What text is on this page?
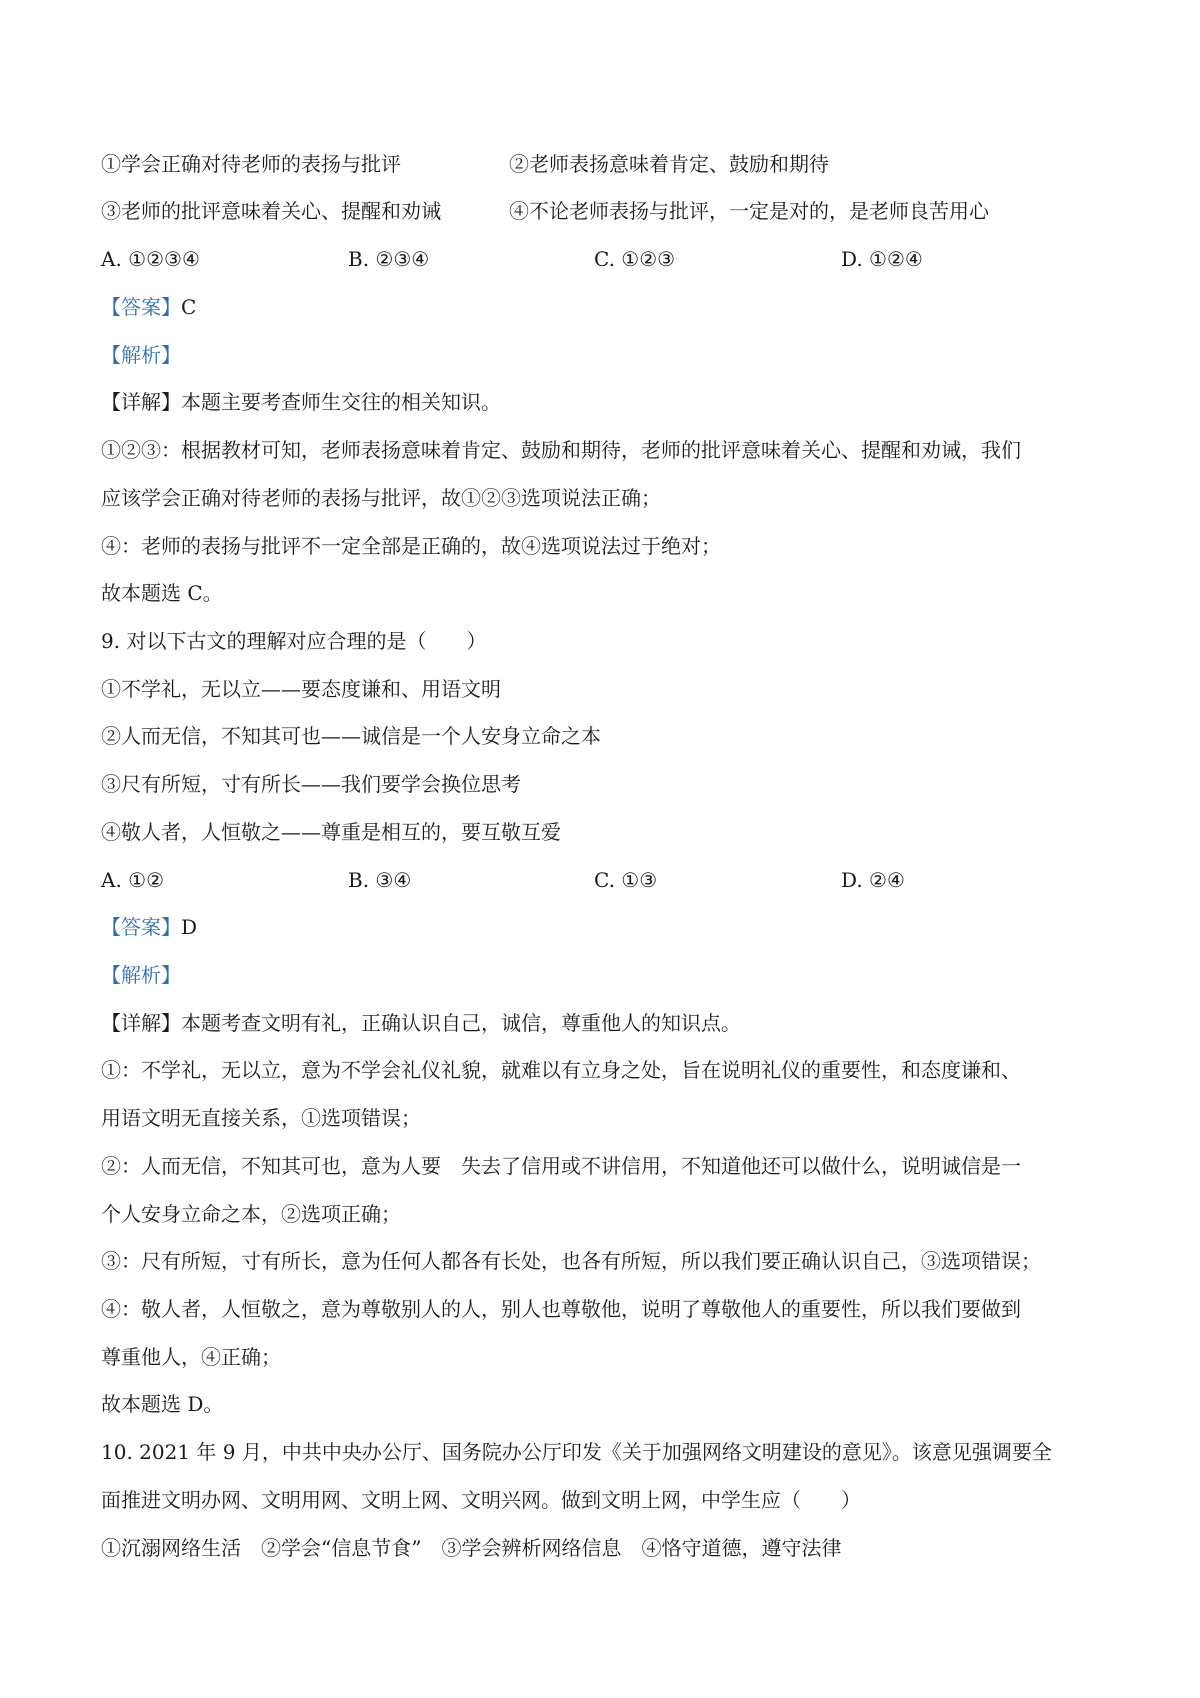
①学会正确对待老师的表扬与批评	②老师表扬意味着肯定、鼓励和期待
③老师的批评意味着关心、提醒和劝诫	④不论老师表扬与批评，一定是对的，是老师良苦用心
A. ①②③④	B. ②③④	C. ①②③	D. ①②④
【答案】C
【解析】
【详解】本题主要考查师生交往的相关知识。
①②③：根据教材可知，老师表扬意味着肯定、鼓励和期待，老师的批评意味着关心、提醒和劝诫，我们
应该学会正确对待老师的表扬与批评，故①②③选项说法正确；
④：老师的表扬与批评不一定全部是正确的，故④选项说法过于绝对；
故本题选 C。
9. 对以下古文的理解对应合理的是（　　）
①不学礼，无以立——要态度谦和、用语文明
②人而无信，不知其可也——诚信是一个人安身立命之本
③尺有所短，寸有所长——我们要学会换位思考
④敬人者，人恒敬之——尊重是相互的，要互敬互爱
A. ①②	B. ③④	C. ①③	D. ②④
【答案】D
【解析】
【详解】本题考查文明有礼，正确认识自己，诚信，尊重他人的知识点。
①：不学礼，无以立，意为不学会礼仪礼貌，就难以有立身之处，旨在说明礼仪的重要性，和态度谦和、
用语文明无直接关系，①选项错误；
②：人而无信，不知其可也，意为人要　失去了信用或不讲信用，不知道他还可以做什么，说明诚信是一
个人安身立命之本，②选项正确；
③：尺有所短，寸有所长，意为任何人都各有长处，也各有所短，所以我们要正确认识自己，③选项错误；
④：敬人者，人恒敬之，意为尊敬别人的人，别人也尊敬他，说明了尊敬他人的重要性，所以我们要做到
尊重他人，④正确；
故本题选 D。
10. 2021 年 9 月，中共中央办公厅、国务院办公厅印发《关于加强网络文明建设的意见》。该意见强调要全
面推进文明办网、文明用网、文明上网、文明兴网。做到文明上网，中学生应（　　）
①沉溺网络生活　②学会“信息节食”　③学会辨析网络信息　④恪守道德，遵守法律
